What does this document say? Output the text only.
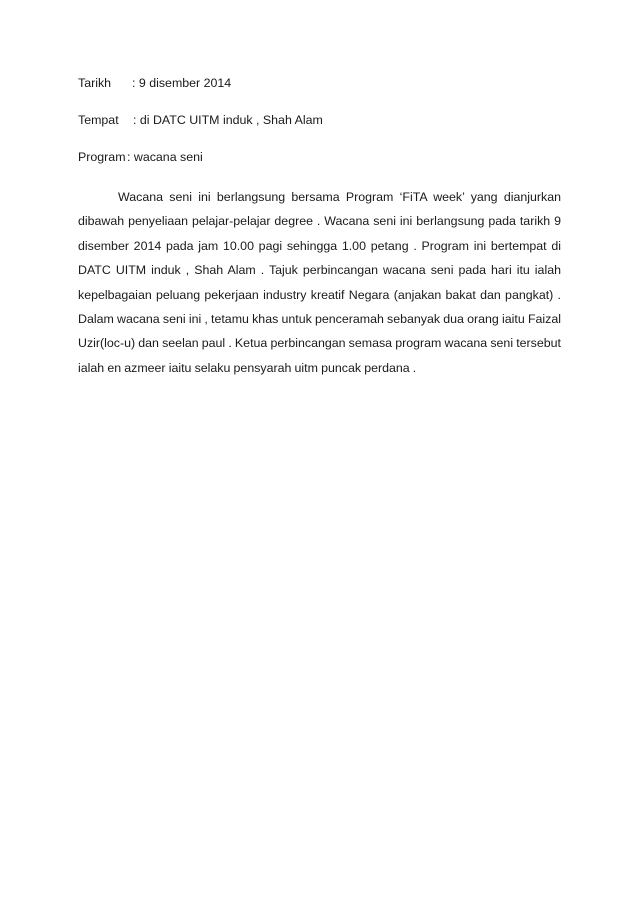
Tarikh	: 9 disember 2014
Tempat	: di DATC UITM induk , Shah Alam
Program : wacana seni

Wacana seni ini berlangsung bersama Program ‘FiTA week’ yang dianjurkan dibawah penyeliaan pelajar-pelajar degree . Wacana seni ini berlangsung pada tarikh 9 disember 2014 pada jam 10.00 pagi sehingga 1.00 petang . Program ini bertempat di DATC UITM induk , Shah Alam . Tajuk perbincangan wacana seni pada hari itu ialah kepelbagaian peluang pekerjaan industry kreatif Negara (anjakan bakat dan pangkat) . Dalam wacana seni ini , tetamu khas untuk penceramah sebanyak dua orang iaitu Faizal Uzir(loc-u) dan seelan paul . Ketua perbincangan semasa program wacana seni tersebut ialah en azmeer iaitu selaku pensyarah uitm puncak perdana .
